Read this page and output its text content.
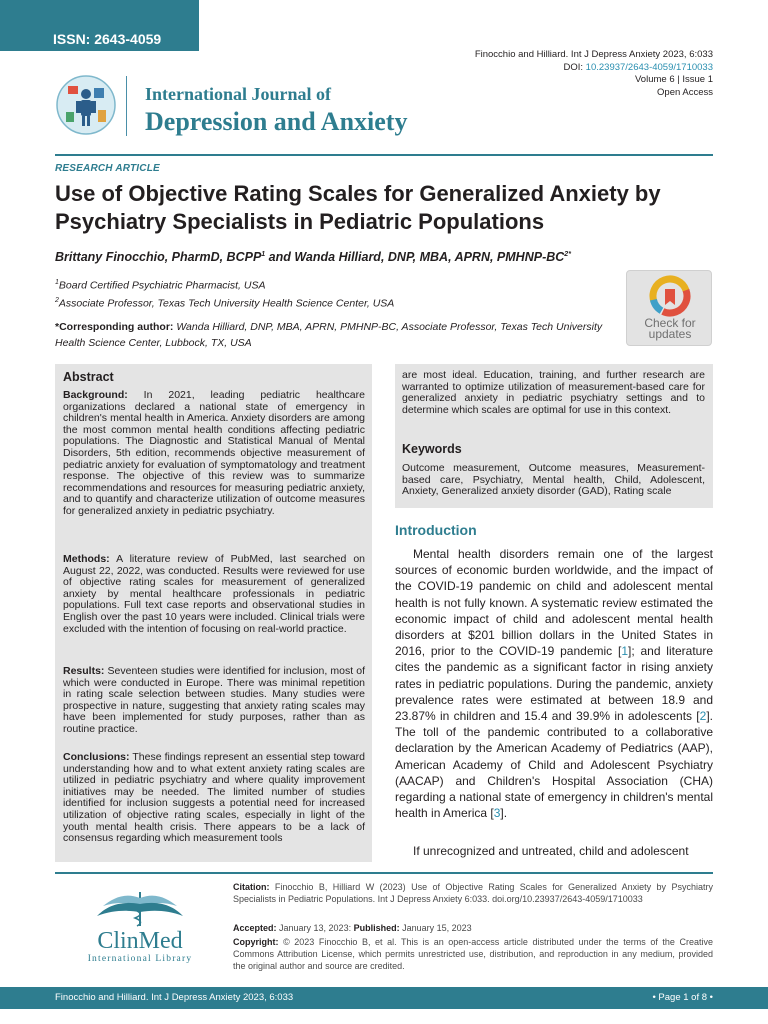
ISSN: 2643-4059
Finocchio and Hilliard. Int J Depress Anxiety 2023, 6:033
DOI: 10.23937/2643-4059/1710033
Volume 6 | Issue 1
Open Access
International Journal of
Depression and Anxiety
RESEARCH ARTICLE
Use of Objective Rating Scales for Generalized Anxiety by Psychiatry Specialists in Pediatric Populations
Brittany Finocchio, PharmD, BCPP$^1$ and Wanda Hilliard, DNP, MBA, APRN, PMHNP-$BC^{2*}$
$^1$Board Certified Psychiatric Pharmacist, USA
$^2$Associate Professor, Texas Tech University Health Science Center, USA
*Corresponding author: Wanda Hilliard, DNP, MBA, APRN, PMHNP-BC, Associate Professor, Texas Tech University Health Science Center, Lubbock, TX, USA
Check for
updates
Abstract
Background: In 2021, leading pediatric healthcare organizations declared a national state of emergency in children's mental health in America. Anxiety disorders are among the most common mental health conditions affecting pediatric populations. The Diagnostic and Statistical Manual of Mental Disorders, 5th edition, recommends objective measurement of pediatric anxiety for evaluation of symptomatology and treatment response. The objective of this review was to summarize recommendations and resources for measuring pediatric anxiety, and to quantify and characterize utilization of outcome measures for generalized anxiety in pediatric psychiatry.
Methods: A literature review of PubMed, last searched on August 22, 2022, was conducted. Results were reviewed for use of objective rating scales for measurement of generalized anxiety by mental healthcare professionals in pediatric populations. Full text case reports and observational studies in English over the past 10 years were included. Clinical trials were excluded with the intention of focusing on real-world practice.
Results: Seventeen studies were identified for inclusion, most of which were conducted in Europe. There was minimal repetition in rating scale selection between studies. Many studies were prospective in nature, suggesting that anxiety rating scales may have been implemented for study purposes, rather than as routine practice.
Conclusions: These findings represent an essential step toward understanding how and to what extent anxiety rating scales are utilized in pediatric psychiatry and where quality improvement initiatives may be needed. The limited number of studies identified for inclusion suggests a potential need for increased utilization of objective rating scales, especially in light of the youth mental health crisis. There appears to be a lack of consensus regarding which measurement tools
are most ideal. Education, training, and further research are warranted to optimize utilization of measurement-based care for generalized anxiety in pediatric psychiatry settings and to determine which scales are optimal for use in this context.
Keywords
Outcome measurement, Outcome measures, Measurement-based care, Psychiatry, Mental health, Child, Adolescent, Anxiety, Generalized anxiety disorder (GAD), Rating scale
Introduction

Mental health disorders remain one of the largest sources of economic burden worldwide, and the impact of the COVID-19 pandemic on child and adolescent mental health is not fully known. A systematic review estimated the economic impact of child and adolescent mental health disorders at $201 billion dollars in the United States in 2016, prior to the COVID-19 pandemic [1]; and literature cites the pandemic as a significant factor in rising anxiety rates in pediatric populations. During the pandemic, anxiety prevalence rates were estimated at between 18.9 and 23.87% in children and 15.4 and 39.9% in adolescents [2]. The toll of the pandemic contributed to a collaborative declaration by the American Academy of Pediatrics (AAP), American Academy of Child and Adolescent Psychiatry (AACAP) and Children's Hospital Association (CHA) regarding a national state of emergency in children's mental health in America [3].

If unrecognized and untreated, child and adolescent

ClinMed
International Library
Citation: Finocchio B, Hilliard W (2023) Use of Objective Rating Scales for Generalized Anxiety by Psychiatry Specialists in Pediatric Populations. Int J Depress Anxiety 6:033. doi.org/10.23937/2643-4059/1710033
Accepted: January 13, 2023: Published: January 15, 2023
Copyright: © 2023 Finocchio B, et al. This is an open-access article distributed under the terms of the Creative Commons Attribution License, which permits unrestricted use, distribution, and reproduction in any medium, provided the original author and source are credited.
Finocchio and Hilliard. Int J Depress Anxiety 2023, 6:033	• Page 1 of 8 •
